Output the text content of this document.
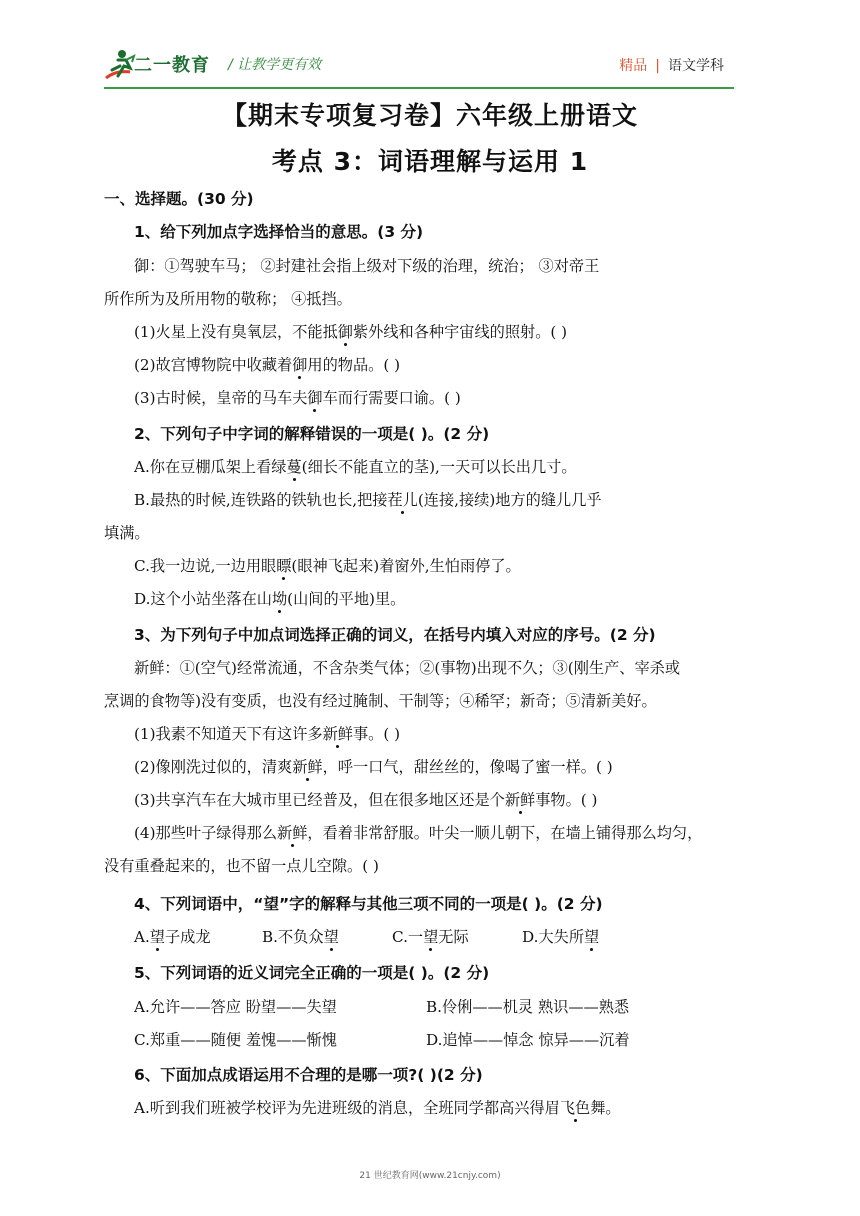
二一教育 / 让教学更有效	精品 | 语文学科
【期末专项复习卷】六年级上册语文
考点 3：词语理解与运用 1
一、选择题。(30 分)
1、给下列加点字选择恰当的意思。(3 分)
御：①驾驶车马； ②封建社会指上级对下级的治理，统治； ③对帝王
所作所为及所用物的敬称； ④抵挡。
(1)火星上没有臭氧层，不能抵御紫外线和各种宇宙线的照射。( )
(2)故宫博物院中收藏着御用的物品。( )
(3)古时候，皇帝的马车夫御车而行需要口谕。( )
2、下列句子中字词的解释错误的一项是( )。(2 分)
A.你在豆棚瓜架上看绿蔓(细长不能直立的茎),一天可以长出几寸。
B.最热的时候,连铁路的铁轨也长,把接茬儿(连接,接续)地方的缝儿几乎
填满。
C.我一边说,一边用眼瞟(眼神飞起来)着窗外,生怕雨停了。
D.这个小站坐落在山坳(山间的平地)里。
3、为下列句子中加点词选择正确的词义，在括号内填入对应的序号。(2 分)
新鲜：①(空气)经常流通，不含杂类气体；②(事物)出现不久；③(刚生产、宰杀或
烹调的食物等)没有变质，也没有经过腌制、干制等；④稀罕；新奇；⑤清新美好。
(1)我素不知道天下有这许多新鲜事。( )
(2)像刚洗过似的，清爽新鲜，呼一口气，甜丝丝的，像喝了蜜一样。( )
(3)共享汽车在大城市里已经普及，但在很多地区还是个新鲜事物。( )
(4)那些叶子绿得那么新鲜，看着非常舒服。叶尖一顺儿朝下，在墙上铺得那么均匀，
没有重叠起来的，也不留一点儿空隙。( )
4、下列词语中，“望”字的解释与其他三项不同的一项是( )。(2 分)
A.望子成龙	B.不负众望	C.一望无际	D.大失所望
5、下列词语的近义词完全正确的一项是( )。(2 分)
A.允许——答应 盼望——失望	B.伶俐——机灵 熟识——熟悉
C.郑重——随便 羞愧——惭愧	D.追悼——悼念 惊异——沉着
6、下面加点成语运用不合理的是哪一项?( )(2 分)
A.听到我们班被学校评为先进班级的消息，全班同学都高兴得眉飞色舞。
21 世纪教育网(www.21cnjy.com)
